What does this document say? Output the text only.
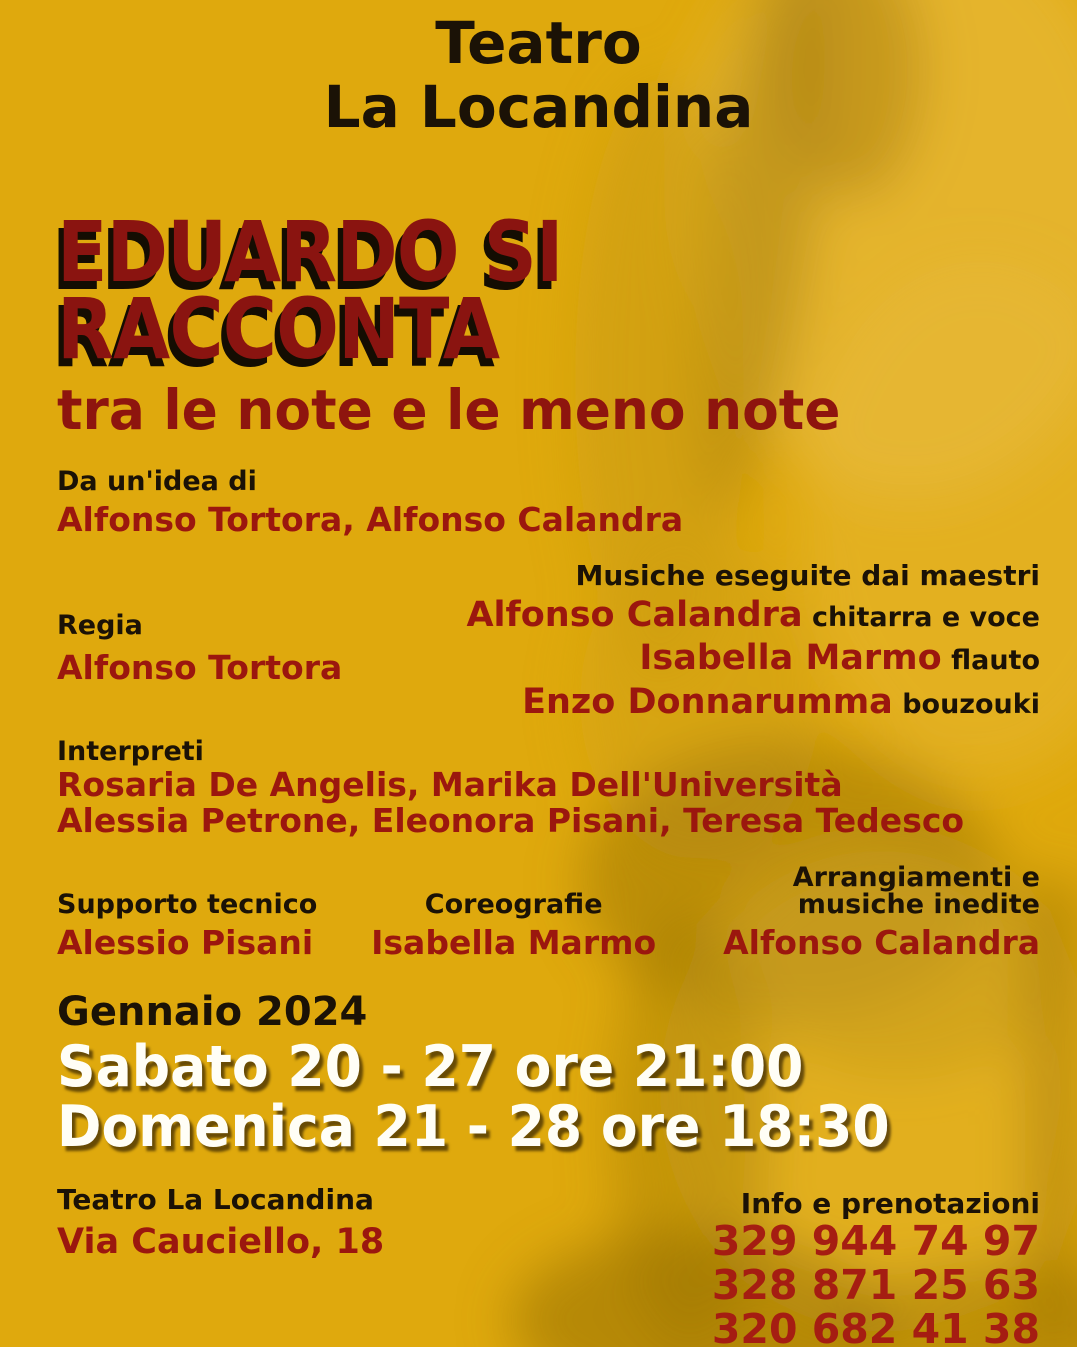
Teatro
La Locandina
EDUARDO SI
RACCONTA
tra le note e le meno note
Da un'idea di
Alfonso Tortora, Alfonso Calandra
Musiche eseguite dai maestri
Alfonso Calandra chitarra e voce
Isabella Marmo flauto
Enzo Donnarumma bouzouki
Regia
Alfonso Tortora
Interpreti
Rosaria De Angelis, Marika Dell'Università
Alessia Petrone, Eleonora Pisani, Teresa Tedesco
Supporto tecnico
Alessio Pisani
Coreografie
Isabella Marmo
Arrangiamenti e musiche inedite
Alfonso Calandra
Gennaio 2024
Sabato 20 - 27 ore 21:00
Domenica 21 - 28 ore 18:30
Teatro La Locandina
Via Cauciello, 18
Info e prenotazioni
329 944 74 97
328 871 25 63
320 682 41 38
